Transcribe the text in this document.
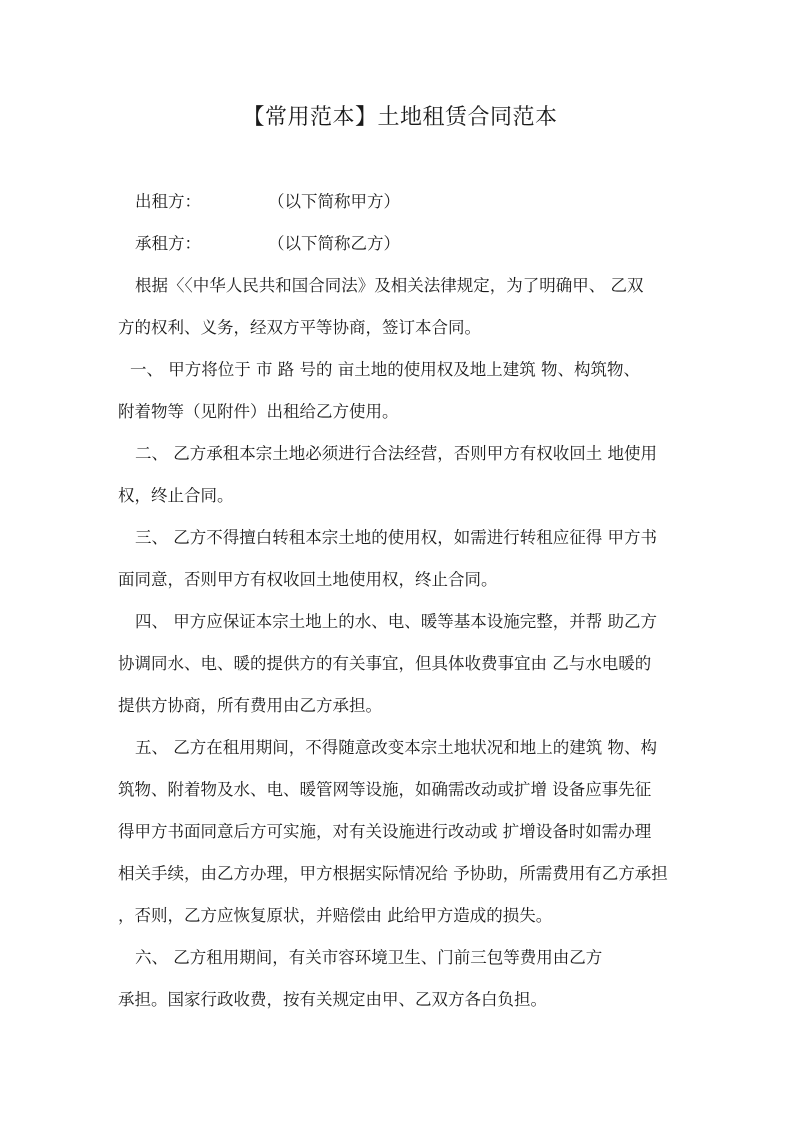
【常用范本】土地租赁合同范本
出租方：	（以下简称甲方）
承租方：	（以下简称乙方）
根据〈〈中华人民共和国合同法》及相关法律规定，为了明确甲、 乙双
方的权利、义务，经双方平等协商，签订本合同。
一、 甲方将位于 市 路 号的 亩土地的使用权及地上建筑 物、构筑物、
附着物等（见附件）出租给乙方使用。
二、 乙方承租本宗土地必须进行合法经营，否则甲方有权收回土 地使用
权，终止合同。
三、 乙方不得擅白转租本宗土地的使用权，如需进行转租应征得 甲方书
面同意，否则甲方有权收回土地使用权，终止合同。
四、 甲方应保证本宗土地上的水、电、暖等基本设施完整，并帮 助乙方
协调同水、电、暖的提供方的有关事宜，但具体收费事宜由 乙与水电暖的
提供方协商，所有费用由乙方承担。
五、 乙方在租用期间，不得随意改变本宗土地状况和地上的建筑 物、构
筑物、附着物及水、电、暖管网等设施，如确需改动或扩增 设备应事先征
得甲方书面同意后方可实施，对有关设施进行改动或 扩增设备时如需办理
相关手续，由乙方办理，甲方根据实际情况给 予协助，所需费用有乙方承担
，否则，乙方应恢复原状，并赔偿由 此给甲方造成的损失。
六、 乙方租用期间，有关市容环境卫生、门前三包等费用由乙方
承担。国家行政收费，按有关规定由甲、乙双方各白负担。
